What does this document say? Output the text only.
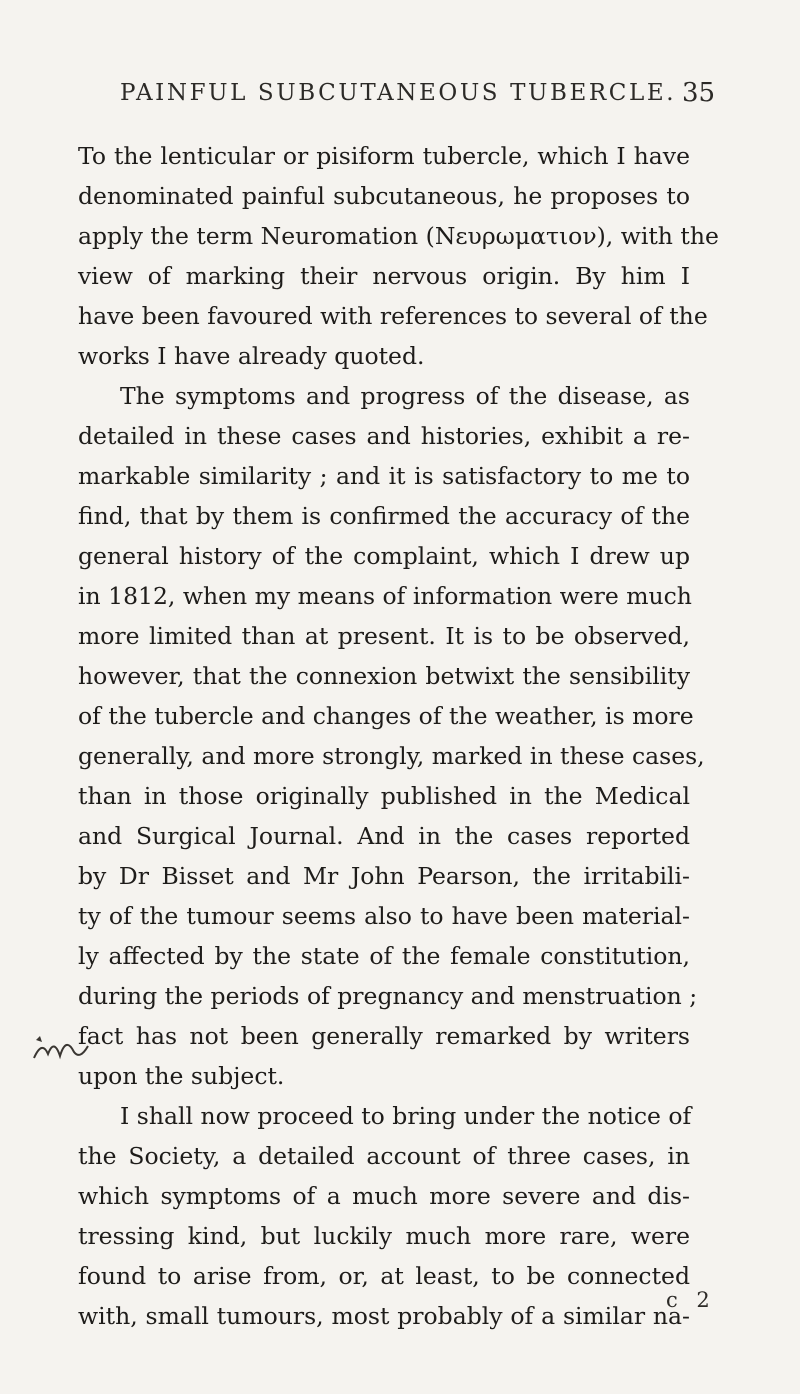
PAINFUL SUBCUTANEOUS TUBERCLE. 35
To the lenticular or pisiform tubercle, which I have
denominated painful subcutaneous, he proposes to
apply the term Neuromation (Νευρωματιον), with the
view of marking their nervous origin. By him I
have been favoured with references to several of the
works I have already quoted.
The symptoms and progress of the disease, as
detailed in these cases and histories, exhibit a re-
markable similarity ; and it is satisfactory to me to
find, that by them is confirmed the accuracy of the
general history of the complaint, which I drew up
in 1812, when my means of information were much
more limited than at present. It is to be observed,
however, that the connexion betwixt the sensibility
of the tubercle and changes of the weather, is more
generally, and more strongly, marked in these cases,
than in those originally published in the Medical
and Surgical Journal. And in the cases reported
by Dr Bisset and Mr John Pearson, the irritabili-
ty of the tumour seems also to have been material-
ly affected by the state of the female constitution,
during the periods of pregnancy and menstruation ;
fact has not been generally remarked by writers
upon the subject.
I shall now proceed to bring under the notice of
the Society, a detailed account of three cases, in
which symptoms of a much more severe and dis-
tressing kind, but luckily much more rare, were
found to arise from, or, at least, to be connected
with, small tumours, most probably of a similar na-
c 2
